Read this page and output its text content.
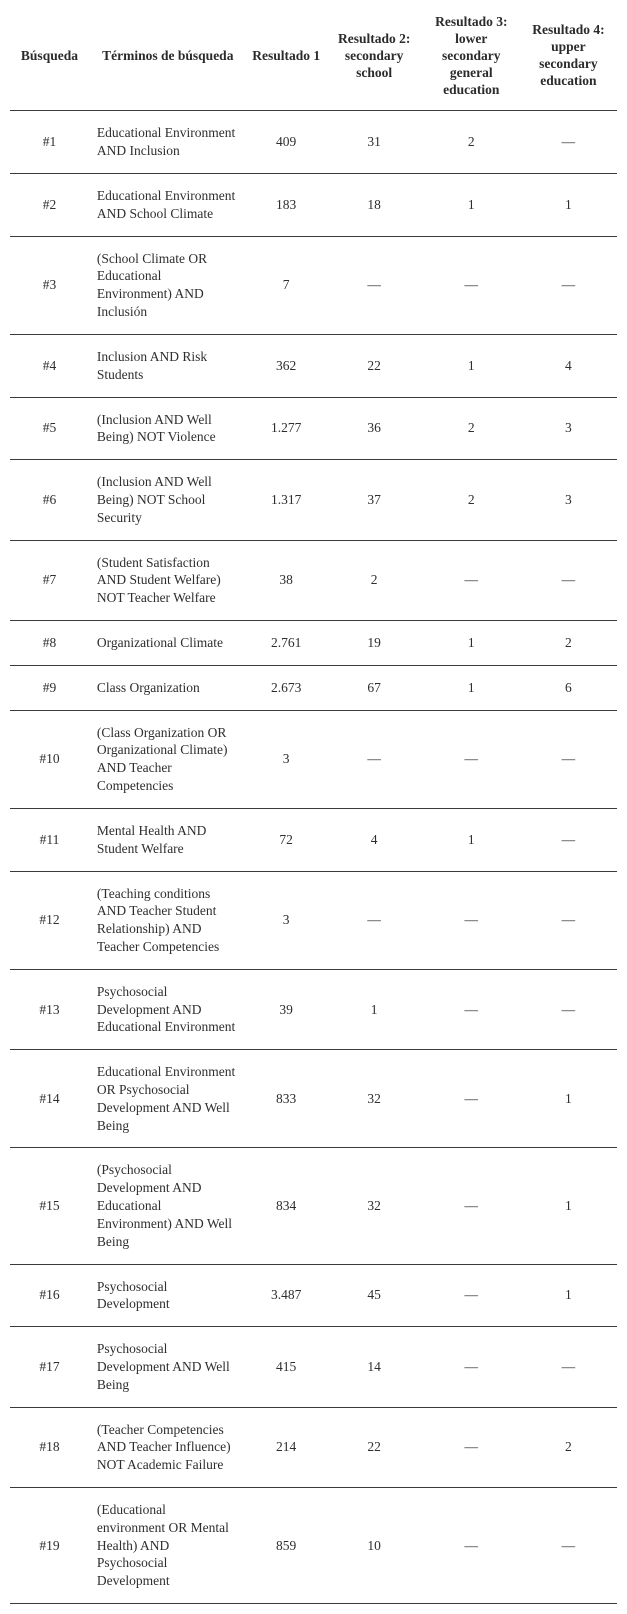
Búsqueda	Términos de búsqueda	Resultado 1	Resultado 2: secondary school	Resultado 3: lower secondary general education	Resultado 4: upper secondary education
#1	Educational Environment AND Inclusion	409	31	2	—
#2	Educational Environment AND School Climate	183	18	1	1
#3	(School Climate OR Educational Environment) AND Inclusión	7	—	—	—
#4	Inclusion AND Risk Students	362	22	1	4
#5	(Inclusion AND Well Being) NOT Violence	1.277	36	2	3
#6	(Inclusion AND Well Being) NOT School Security	1.317	37	2	3
#7	(Student Satisfaction AND Student Welfare) NOT Teacher Welfare	38	2	—	—
#8	Organizational Climate	2.761	19	1	2
#9	Class Organization	2.673	67	1	6
#10	(Class Organization OR Organizational Climate) AND Teacher Competencies	3	—	—	—
#11	Mental Health AND Student Welfare	72	4	1	—
#12	(Teaching conditions AND Teacher Student Relationship) AND Teacher Competencies	3	—	—	—
#13	Psychosocial Development AND Educational Environment	39	1	—	—
#14	Educational Environment OR Psychosocial Development AND Well Being	833	32	—	1
#15	(Psychosocial Development AND Educational Environment) AND Well Being	834	32	—	1
#16	Psychosocial Development	3.487	45	—	1
#17	Psychosocial Development AND Well Being	415	14	—	—
#18	(Teacher Competencies AND Teacher Influence) NOT Academic Failure	214	22	—	2
#19	(Educational environment OR Mental Health) AND Psychosocial Development	859	10	—	—
